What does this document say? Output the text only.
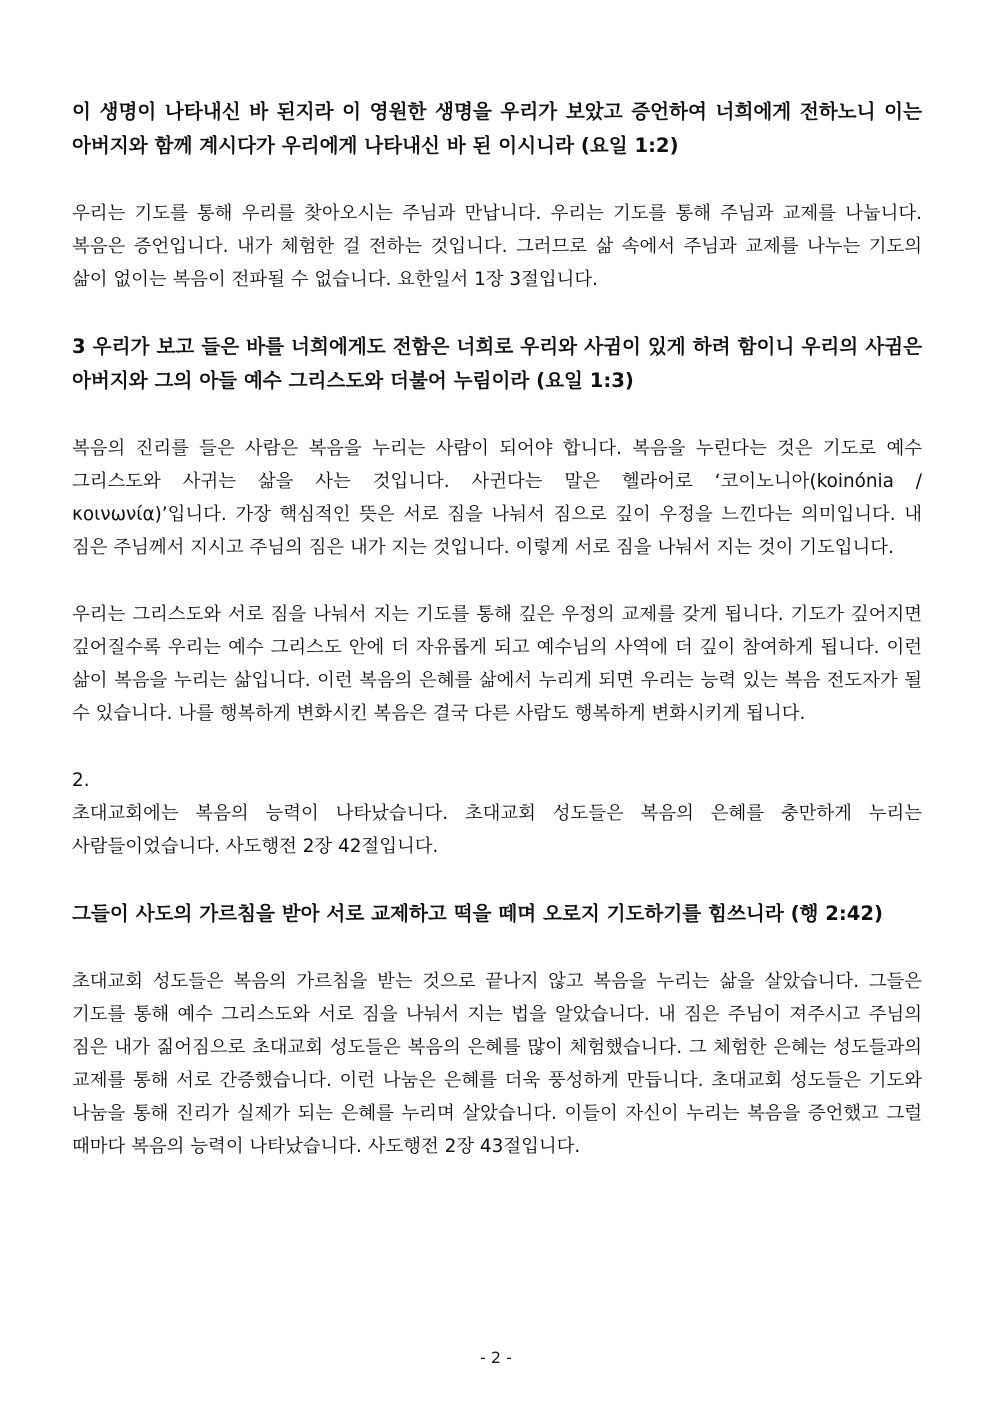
이 생명이 나타내신 바 된지라 이 영원한 생명을 우리가 보았고 증언하여 너희에게 전하노니 이는 아버지와 함께 계시다가 우리에게 나타내신 바 된 이시니라 (요일 1:2)

우리는 기도를 통해 우리를 찾아오시는 주님과 만납니다. 우리는 기도를 통해 주님과 교제를 나눕니다. 복음은 증언입니다. 내가 체험한 걸 전하는 것입니다. 그러므로 삶 속에서 주님과 교제를 나누는 기도의 삶이 없이는 복음이 전파될 수 없습니다. 요한일서 1장 3절입니다.

3 우리가 보고 들은 바를 너희에게도 전함은 너희로 우리와 사귐이 있게 하려 함이니 우리의 사귐은 아버지와 그의 아들 예수 그리스도와 더불어 누림이라 (요일 1:3)

복음의 진리를 들은 사람은 복음을 누리는 사람이 되어야 합니다. 복음을 누린다는 것은 기도로 예수 그리스도와 사귀는 삶을 사는 것입니다. 사귄다는 말은 헬라어로 ‘코이노니아(koinónia / κοινωνία)’입니다. 가장 핵심적인 뜻은 서로 짐을 나눠서 짐으로 깊이 우정을 느낀다는 의미입니다. 내 짐은 주님께서 지시고 주님의 짐은 내가 지는 것입니다. 이렇게 서로 짐을 나눠서 지는 것이 기도입니다.

우리는 그리스도와 서로 짐을 나눠서 지는 기도를 통해 깊은 우정의 교제를 갖게 됩니다. 기도가 깊어지면 깊어질수록 우리는 예수 그리스도 안에 더 자유롭게 되고 예수님의 사역에 더 깊이 참여하게 됩니다. 이런 삶이 복음을 누리는 삶입니다. 이런 복음의 은혜를 삶에서 누리게 되면 우리는 능력 있는 복음 전도자가 될 수 있습니다. 나를 행복하게 변화시킨 복음은 결국 다른 사람도 행복하게 변화시키게 됩니다.

2.

초대교회에는 복음의 능력이 나타났습니다. 초대교회 성도들은 복음의 은혜를 충만하게 누리는 사람들이었습니다. 사도행전 2장 42절입니다.

그들이 사도의 가르침을 받아 서로 교제하고 떡을 떼며 오로지 기도하기를 힘쓰니라 (행 2:42)

초대교회 성도들은 복음의 가르침을 받는 것으로 끝나지 않고 복음을 누리는 삶을 살았습니다. 그들은 기도를 통해 예수 그리스도와 서로 짐을 나눠서 지는 법을 알았습니다. 내 짐은 주님이 져주시고 주님의 짐은 내가 짊어짐으로 초대교회 성도들은 복음의 은혜를 많이 체험했습니다. 그 체험한 은혜는 성도들과의 교제를 통해 서로 간증했습니다. 이런 나눔은 은혜를 더욱 풍성하게 만듭니다. 초대교회 성도들은 기도와 나눔을 통해 진리가 실제가 되는 은혜를 누리며 살았습니다. 이들이 자신이 누리는 복음을 증언했고 그럴 때마다 복음의 능력이 나타났습니다. 사도행전 2장 43절입니다.

- 2 -
